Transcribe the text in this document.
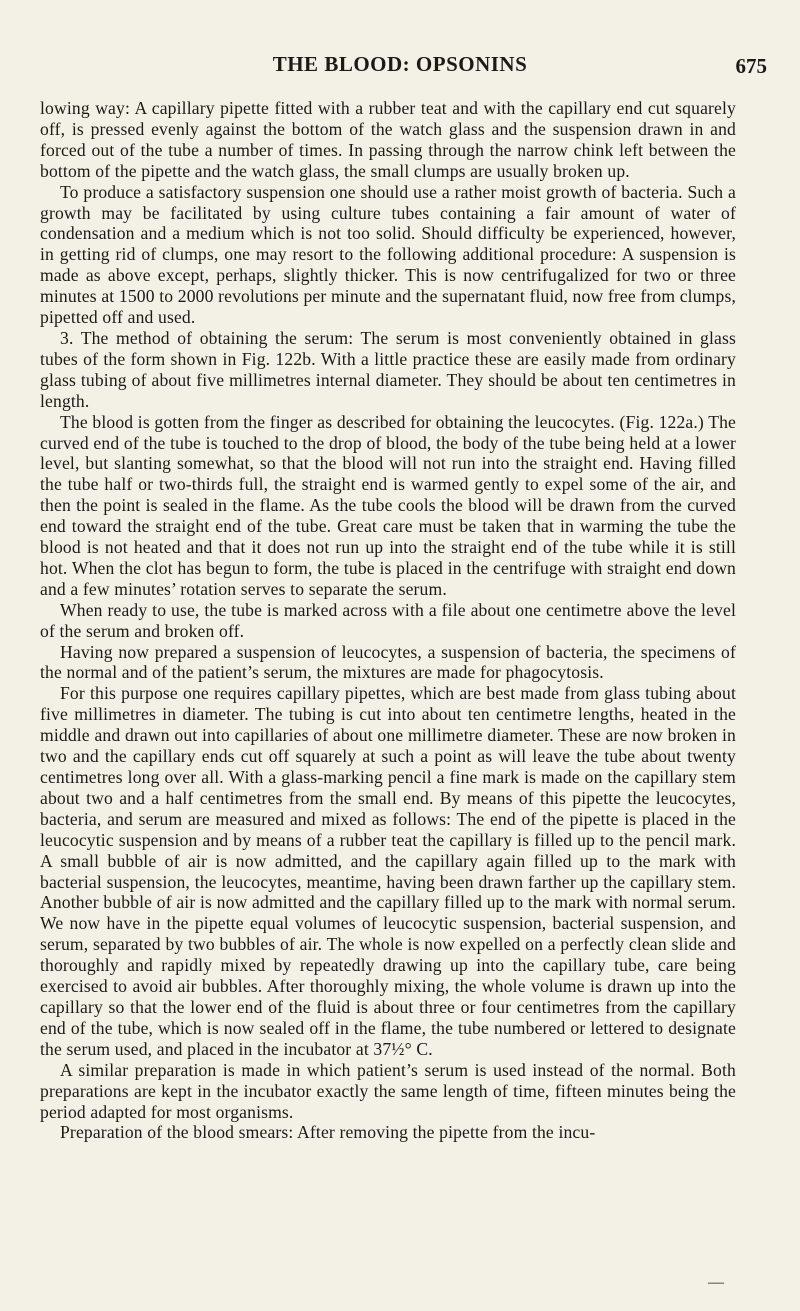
THE BLOOD: OPSONINS	675

lowing way: A capillary pipette fitted with a rubber teat and with the capillary end cut squarely off, is pressed evenly against the bottom of the watch glass and the suspension drawn in and forced out of the tube a number of times. In passing through the narrow chink left between the bottom of the pipette and the watch glass, the small clumps are usually broken up.

To produce a satisfactory suspension one should use a rather moist growth of bacteria. Such a growth may be facilitated by using culture tubes containing a fair amount of water of condensation and a medium which is not too solid. Should difficulty be experienced, however, in getting rid of clumps, one may resort to the following additional procedure: A suspension is made as above except, perhaps, slightly thicker. This is now centrifugalized for two or three minutes at 1500 to 2000 revolutions per minute and the supernatant fluid, now free from clumps, pipetted off and used.

3. The method of obtaining the serum: The serum is most conveniently obtained in glass tubes of the form shown in Fig. 122b. With a little practice these are easily made from ordinary glass tubing of about five millimetres internal diameter. They should be about ten centimetres in length.

The blood is gotten from the finger as described for obtaining the leucocytes. (Fig. 122a.) The curved end of the tube is touched to the drop of blood, the body of the tube being held at a lower level, but slanting somewhat, so that the blood will not run into the straight end. Having filled the tube half or two-thirds full, the straight end is warmed gently to expel some of the air, and then the point is sealed in the flame. As the tube cools the blood will be drawn from the curved end toward the straight end of the tube. Great care must be taken that in warming the tube the blood is not heated and that it does not run up into the straight end of the tube while it is still hot. When the clot has begun to form, the tube is placed in the centrifuge with straight end down and a few minutes’ rotation serves to separate the serum.

When ready to use, the tube is marked across with a file about one centimetre above the level of the serum and broken off.

Having now prepared a suspension of leucocytes, a suspension of bacteria, the specimens of the normal and of the patient’s serum, the mixtures are made for phagocytosis.

For this purpose one requires capillary pipettes, which are best made from glass tubing about five millimetres in diameter. The tubing is cut into about ten centimetre lengths, heated in the middle and drawn out into capillaries of about one millimetre diameter. These are now broken in two and the capillary ends cut off squarely at such a point as will leave the tube about twenty centimetres long over all. With a glass-marking pencil a fine mark is made on the capillary stem about two and a half centimetres from the small end. By means of this pipette the leucocytes, bacteria, and serum are measured and mixed as follows: The end of the pipette is placed in the leucocytic suspension and by means of a rubber teat the capillary is filled up to the pencil mark. A small bubble of air is now admitted, and the capillary again filled up to the mark with bacterial suspension, the leucocytes, meantime, having been drawn farther up the capillary stem. Another bubble of air is now admitted and the capillary filled up to the mark with normal serum. We now have in the pipette equal volumes of leucocytic suspension, bacterial suspension, and serum, separated by two bubbles of air. The whole is now expelled on a perfectly clean slide and thoroughly and rapidly mixed by repeatedly drawing up into the capillary tube, care being exercised to avoid air bubbles. After thoroughly mixing, the whole volume is drawn up into the capillary so that the lower end of the fluid is about three or four centimetres from the capillary end of the tube, which is now sealed off in the flame, the tube numbered or lettered to designate the serum used, and placed in the incubator at 37½° C.

A similar preparation is made in which patient’s serum is used instead of the normal. Both preparations are kept in the incubator exactly the same length of time, fifteen minutes being the period adapted for most organisms.

Preparation of the blood smears: After removing the pipette from the incu-

—
